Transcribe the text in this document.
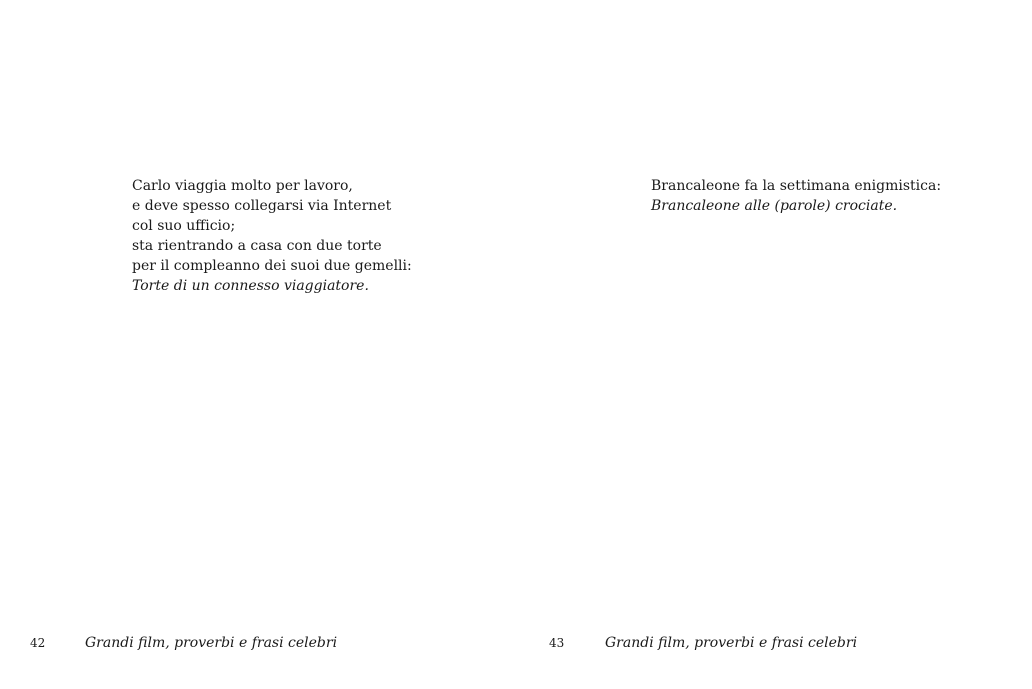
Carlo viaggia molto per lavoro,
e deve spesso collegarsi via Internet
col suo ufficio;
sta rientrando a casa con due torte
per il compleanno dei suoi due gemelli:
Torte di un connesso viaggiatore.
42	Grandi film, proverbi e frasi celebri
Brancaleone fa la settimana enigmistica:
Brancaleone alle (parole) crociate.
43	Grandi film, proverbi e frasi celebri
